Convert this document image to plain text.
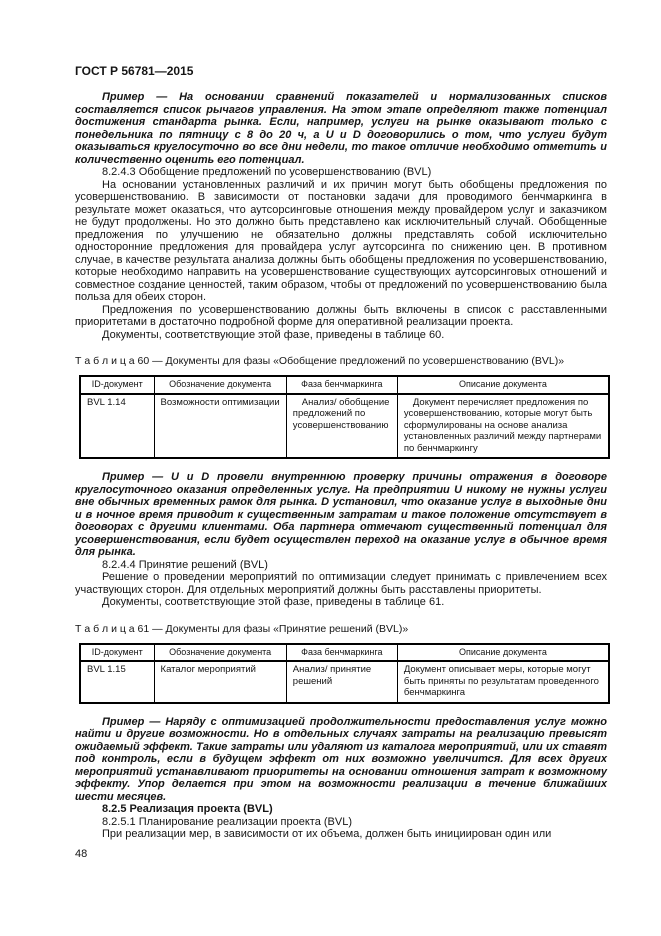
ГОСТ Р 56781—2015

Пример — На основании сравнений показателей и нормализованных списков составляется список рычагов управления. На этом этапе определяют также потенциал достижения стандарта рынка. Если, например, услуги на рынке оказывают только с понедельника по пятницу с 8 до 20 ч, а U и D договорились о том, что услуги будут оказываться круглосуточно во все дни недели, то такое отличие необходимо отметить и количественно оценить его потенциал.

8.2.4.3 Обобщение предложений по усовершенствованию (BVL)

На основании установленных различий и их причин могут быть обобщены предложения по усовершенствованию. В зависимости от постановки задачи для проводимого бенчмаркинга в результате может оказаться, что аутсорсинговые отношения между провайдером услуг и заказчиком не будут продолжены. Но это должно быть представлено как исключительный случай. Обобщенные предложения по улучшению не обязательно должны представлять собой исключительно односторонние предложения для провайдера услуг аутсорсинга по снижению цен. В противном случае, в качестве результата анализа должны быть обобщены предложения по усовершенствованию, которые необходимо направить на усовершенствование существующих аутсорсинговых отношений и совместное создание ценностей, таким образом, чтобы от предложений по усовершенствованию была польза для обеих сторон.

Предложения по усовершенствованию должны быть включены в список с расставленными приоритетами в достаточно подробной форме для оперативной реализации проекта.

Документы, соответствующие этой фазе, приведены в таблице 60.

Т а б л и ц а 60 — Документы для фазы «Обобщение предложений по усовершенствованию (BVL)»

ID-документ	Обозначение документа	Фаза бенчмаркинга	Описание документа
BVL 1.14	Возможности оптимизации	Анализ/ обобщение предложений по усовершенствованию	Документ перечисляет предложения по усовершенствованию, которые могут быть сформулированы на основе анализа установленных различий между партнерами по бенчмаркингу

Пример — U и D провели внутреннюю проверку причины отражения в договоре круглосуточного оказания определенных услуг. На предприятии U никому не нужны услуги вне обычных временных рамок для рынка. D установил, что оказание услуг в выходные дни и в ночное время приводит к существенным затратам и такое положение отсутствует в договорах с другими клиентами. Оба партнера отмечают существенный потенциал для усовершенствования, если будет осуществлен переход на оказание услуг в обычное время для рынка.

8.2.4.4 Принятие решений (BVL)

Решение о проведении мероприятий по оптимизации следует принимать с привлечением всех участвующих сторон. Для отдельных мероприятий должны быть расставлены приоритеты.

Документы, соответствующие этой фазе, приведены в таблице 61.

Т а б л и ц а 61 — Документы для фазы «Принятие решений (BVL)»

ID-документ	Обозначение документа	Фаза бенчмаркинга	Описание документа
BVL 1.15	Каталог мероприятий	Анализ/ принятие решений	Документ описывает меры, которые могут быть приняты по результатам проведенного бенчмаркинга

Пример — Наряду с оптимизацией продолжительности предоставления услуг можно найти и другие возможности. Но в отдельных случаях затраты на реализацию превысят ожидаемый эффект. Такие затраты или удаляют из каталога мероприятий, или их ставят под контроль, если в будущем эффект от них возможно увеличится. Для всех других мероприятий устанавливают приоритеты на основании отношения затрат к возможному эффекту. Упор делается при этом на возможности реализации в течение ближайших шести месяцев.

8.2.5 Реализация проекта (BVL)

8.2.5.1 Планирование реализации проекта (BVL)

При реализации мер, в зависимости от их объема, должен быть инициирован один или

48
